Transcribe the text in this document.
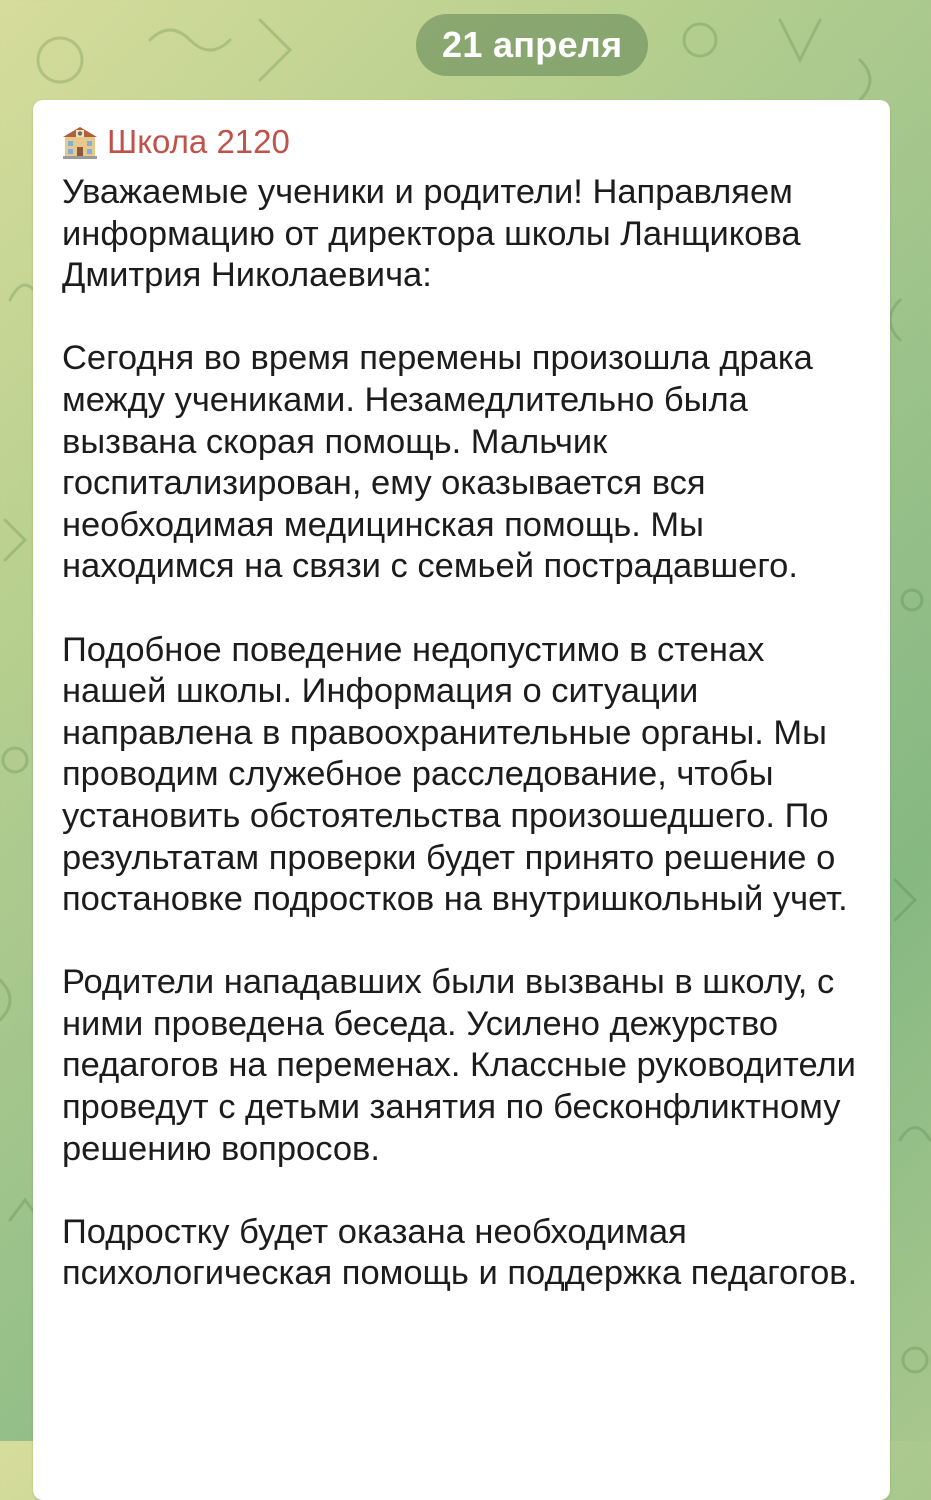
21 апреля
Школа 2120
Уважаемые ученики и родители! Направляем информацию от директора школы Ланщикова Дмитрия Николаевича:

Сегодня во время перемены произошла драка между учениками. Незамедлительно была вызвана скорая помощь. Мальчик госпитализирован, ему оказывается вся необходимая медицинская помощь. Мы находимся на связи с семьей пострадавшего.

Подобное поведение недопустимо в стенах нашей школы. Информация о ситуации направлена в правоохранительные органы. Мы проводим служебное расследование, чтобы установить обстоятельства произошедшего. По результатам проверки будет принято решение о постановке подростков на внутришкольный учет.

Родители нападавших были вызваны в школу, с ними проведена беседа. Усилено дежурство педагогов на переменах. Классные руководители проведут с детьми занятия по бесконфликтному решению вопросов.

Подростку будет оказана необходимая психологическая помощь и поддержка педагогов.
